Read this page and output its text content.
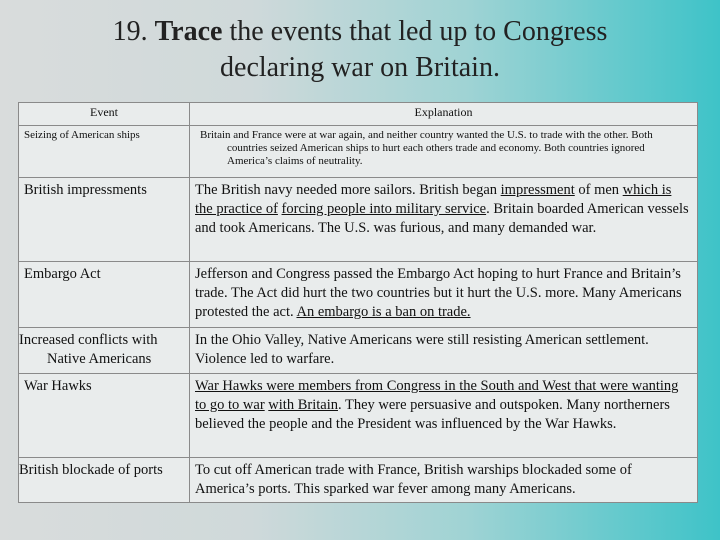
19. Trace the events that led up to Congress
declaring war on Britain.
Event	Explanation
Seizing of American ships	Britain and France were at war again, and neither country wanted the U.S. to trade with the other. Both countries seized American ships to hurt each others trade and economy. Both countries ignored America’s claims of neutrality.

British impressments	The British navy needed more sailors. British began impressment of men which is the practice of forcing people into military service. Britain boarded American vessels and took Americans. The U.S. was furious, and many demanded war.
Embargo Act	Jefferson and Congress passed the Embargo Act hoping to hurt France and Britain’s trade. The Act did hurt the two countries but it hurt the U.S. more. Many Americans protested the act. An embargo is a ban on trade.
Increased conflicts with Native Americans	In the Ohio Valley, Native Americans were still resisting American settlement. Violence led to warfare.
War Hawks	War Hawks were members from Congress in the South and West that were wanting to go to war with Britain. They were persuasive and outspoken. Many northerners believed the people and the President was influenced by the War Hawks.
British blockade of ports	To cut off American trade with France, British warships blockaded some of America’s ports. This sparked war fever among many Americans.
